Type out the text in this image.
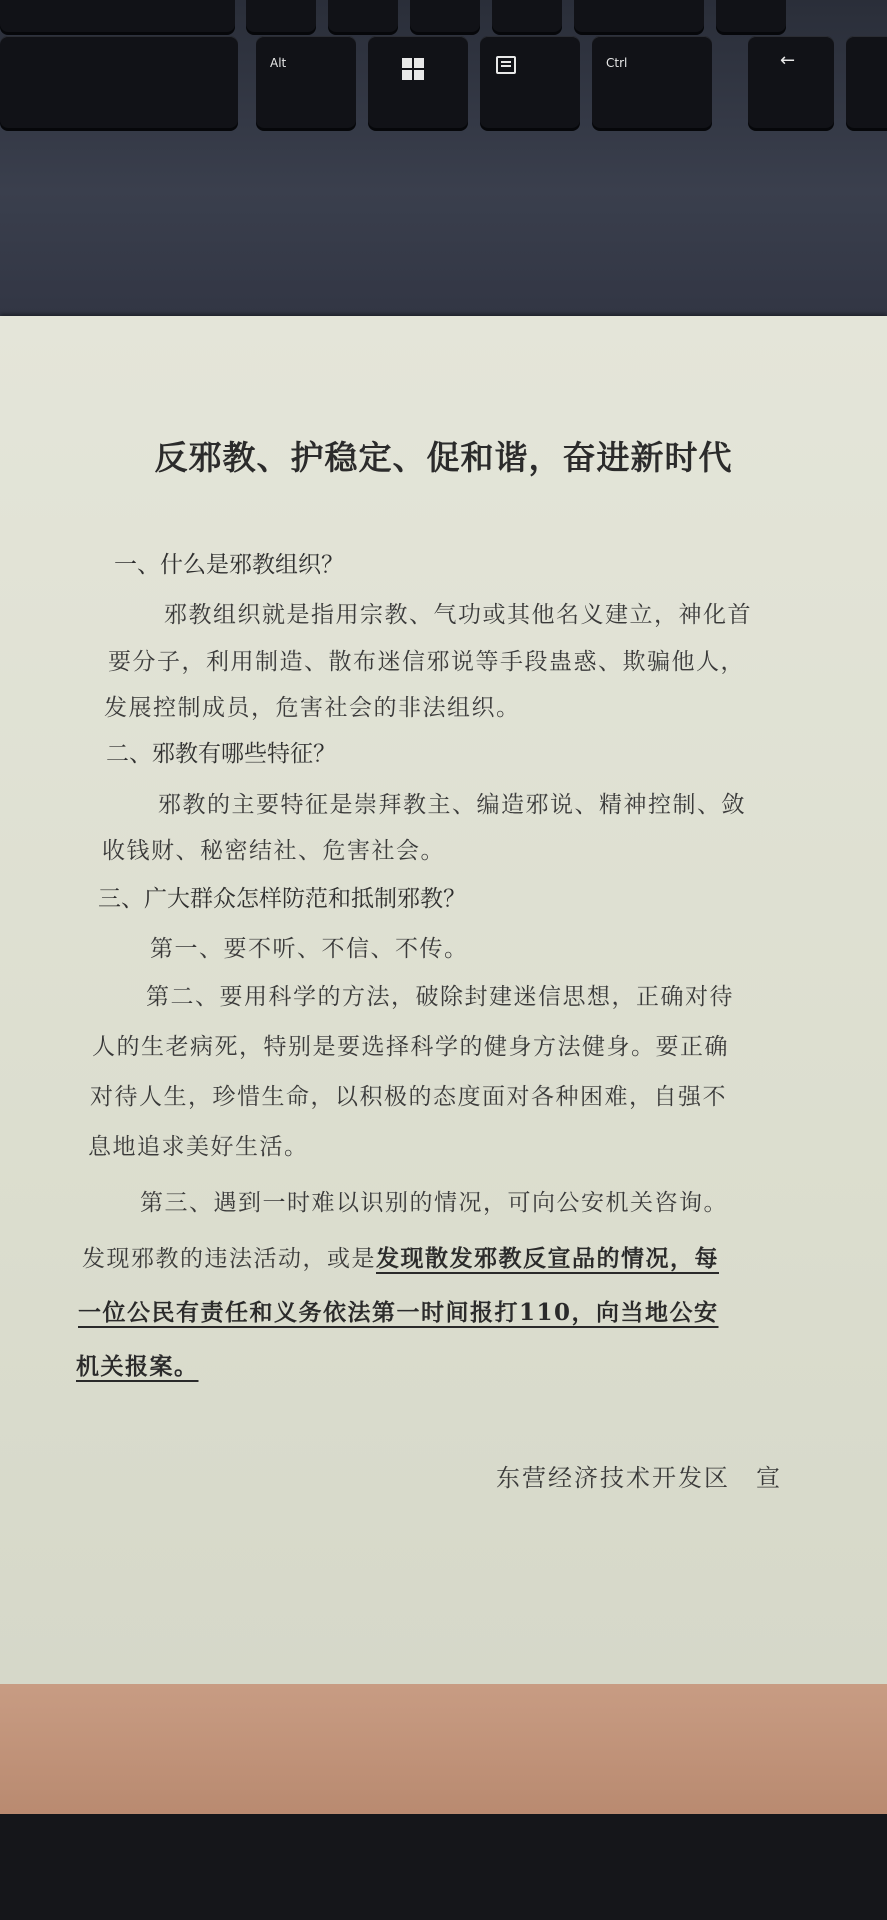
Alt	Ctrl	←
反邪教、护稳定、促和谐，奋进新时代
一、什么是邪教组织？
邪教组织就是指用宗教、气功或其他名义建立，神化首
要分子，利用制造、散布迷信邪说等手段蛊惑、欺骗他人，
发展控制成员，危害社会的非法组织。
二、邪教有哪些特征？
邪教的主要特征是崇拜教主、编造邪说、精神控制、敛
收钱财、秘密结社、危害社会。
三、广大群众怎样防范和抵制邪教？
第一、要不听、不信、不传。
第二、要用科学的方法，破除封建迷信思想，正确对待
人的生老病死，特别是要选择科学的健身方法健身。要正确
对待人生，珍惜生命，以积极的态度面对各种困难，自强不
息地追求美好生活。
第三、遇到一时难以识别的情况，可向公安机关咨询。
发现邪教的违法活动，或是发现散发邪教反宣品的情况，每
一位公民有责任和义务依法第一时间报打110，向当地公安
机关报案。
东营经济技术开发区　宣
